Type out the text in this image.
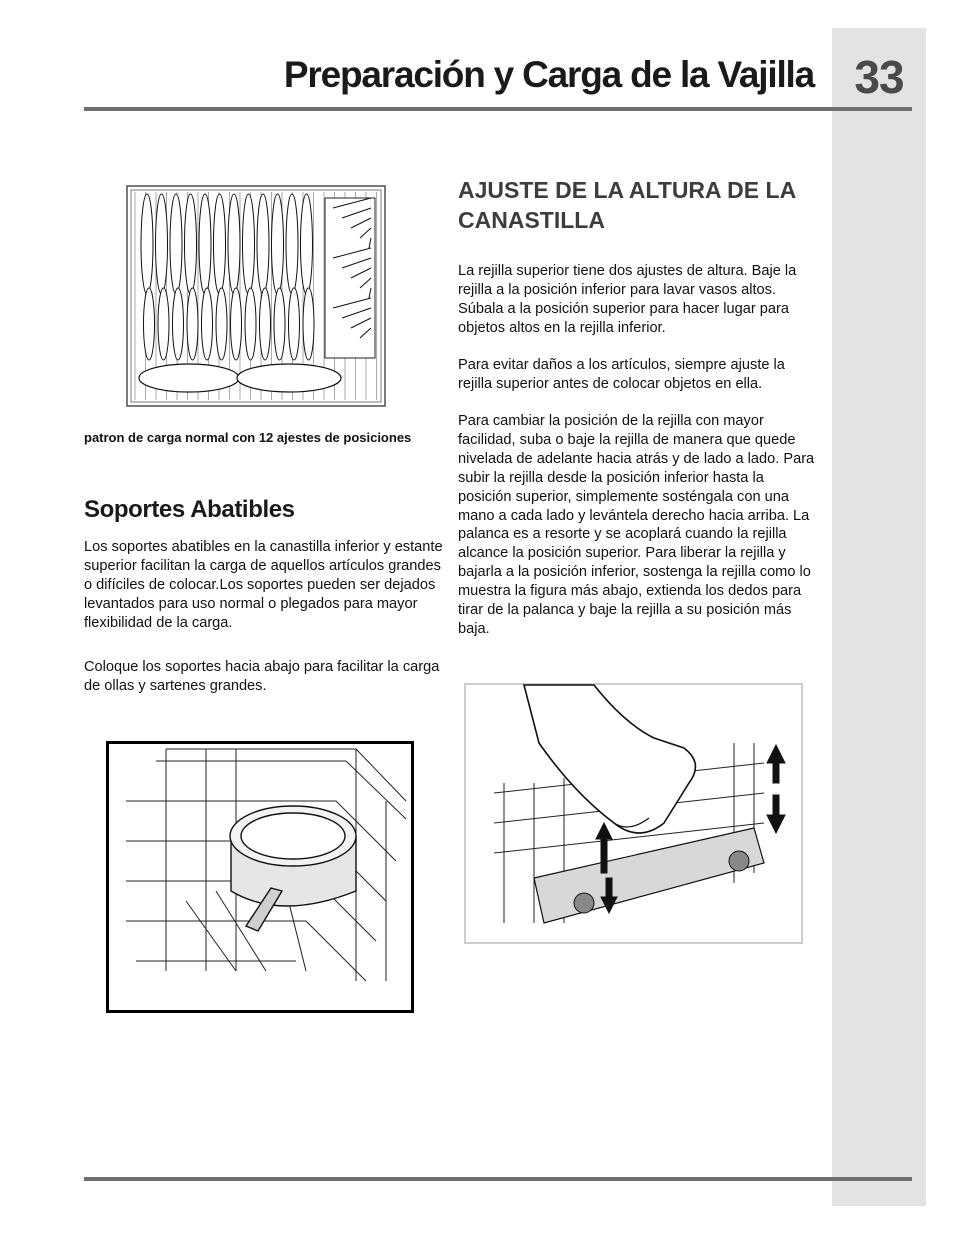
33
Preparación y Carga de la Vajilla
patron de carga normal con 12 ajestes de posiciones
Soportes Abatibles

Los soportes abatibles en la canastilla inferior y estante superior facilitan la carga de aquellos artículos grandes o difíciles de colocar.Los soportes pueden ser dejados levantados para uso normal o plegados para mayor flexibilidad de la carga.

Coloque los soportes hacia abajo para facilitar la carga de ollas y sartenes grandes.

AJUSTE DE LA ALTURA DE LA CANASTILLA

La rejilla superior tiene dos ajustes de altura. Baje la rejilla a la posición inferior para lavar vasos altos. Súbala a la posición superior para hacer lugar para objetos altos en la rejilla inferior.

Para evitar daños a los artículos, siempre ajuste la rejilla superior antes de colocar objetos en ella.

Para cambiar la posición de la rejilla con mayor facilidad, suba o baje la rejilla de manera que quede nivelada de adelante hacia atrás y de lado a lado. Para subir la rejilla desde la posición inferior hasta la posición superior, simplemente sosténgala con una mano a cada lado y levántela derecho hacia arriba. La palanca es a resorte y se acoplará cuando la rejilla alcance la posición superior. Para liberar la rejilla y bajarla a la posición inferior, sostenga la rejilla como lo muestra la figura más abajo, extienda los dedos para tirar de la palanca y baje la rejilla a su posición más baja.
